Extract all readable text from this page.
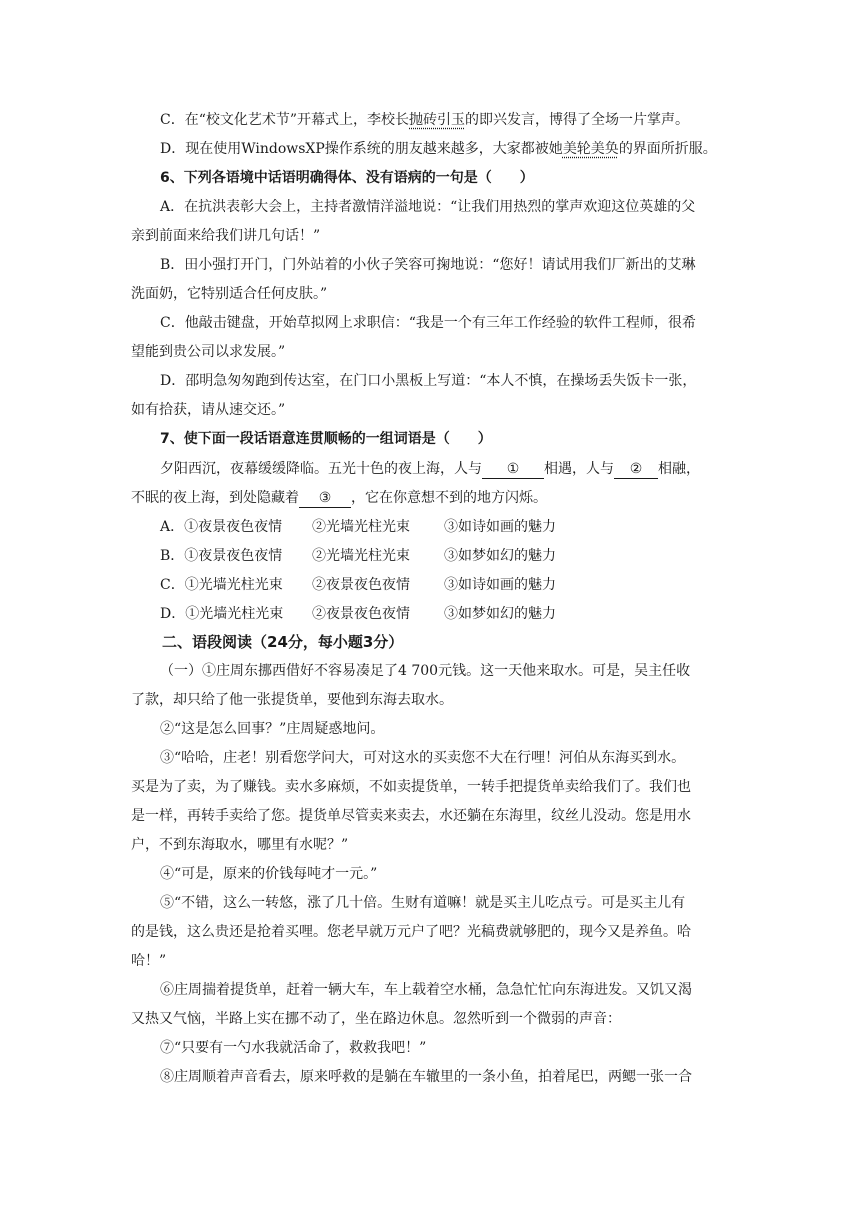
C．在“校文化艺术节”开幕式上，李校长抛砖引玉的即兴发言，博得了全场一片掌声。
D．现在使用WindowsXP操作系统的朋友越来越多，大家都被她美轮美奂的界面所折服。
6、下列各语境中话语明确得体、没有语病的一句是（　　）
A．在抗洪表彰大会上，主持者激情洋溢地说：“让我们用热烈的掌声欢迎这位英雄的父
亲到前面来给我们讲几句话！”
B．田小强打开门，门外站着的小伙子笑容可掬地说：“您好！请试用我们厂新出的艾琳
洗面奶，它特别适合任何皮肤。”
C．他敲击键盘，开始草拟网上求职信：“我是一个有三年工作经验的软件工程师，很希
望能到贵公司以求发展。”
D．邵明急匆匆跑到传达室，在门口小黑板上写道：“本人不慎，在操场丢失饭卡一张，
如有拾获，请从速交还。”
7、使下面一段话语意连贯顺畅的一组词语是（　　）
夕阳西沉，夜幕缓缓降临。五光十色的夜上海，人与 ① 相遇，人与 ② 相融，
不眠的夜上海，到处隐藏着 ③ ，它在你意想不到的地方闪烁。
A．①夜景夜色夜情 ②光墙光柱光束 ③如诗如画的魅力
B．①夜景夜色夜情 ②光墙光柱光束 ③如梦如幻的魅力
C．①光墙光柱光束 ②夜景夜色夜情 ③如诗如画的魅力
D．①光墙光柱光束 ②夜景夜色夜情 ③如梦如幻的魅力
二、语段阅读（24分，每小题3分）
（一）①庄周东挪西借好不容易凑足了4 700元钱。这一天他来取水。可是，吴主任收
了款，却只给了他一张提货单，要他到东海去取水。
②“这是怎么回事？”庄周疑惑地问。
③“哈哈，庄老！别看您学问大，可对这水的买卖您不大在行哩！河伯从东海买到水。
买是为了卖，为了赚钱。卖水多麻烦，不如卖提货单，一转手把提货单卖给我们了。我们也
是一样，再转手卖给了您。提货单尽管卖来卖去，水还躺在东海里，纹丝儿没动。您是用水
户，不到东海取水，哪里有水呢？”
④“可是，原来的价钱每吨才一元。”
⑤“不错，这么一转悠，涨了几十倍。生财有道嘛！就是买主儿吃点亏。可是买主儿有
的是钱，这么贵还是抢着买哩。您老早就万元户了吧？光稿费就够肥的，现今又是养鱼。哈
哈！”
⑥庄周揣着提货单，赶着一辆大车，车上载着空水桶，急急忙忙向东海进发。又饥又渴
又热又气恼，半路上实在挪不动了，坐在路边休息。忽然听到一个微弱的声音：
⑦“只要有一勺水我就活命了，救救我吧！”
⑧庄周顺着声音看去，原来呼救的是躺在车辙里的一条小鱼，拍着尾巴，两鳃一张一合
